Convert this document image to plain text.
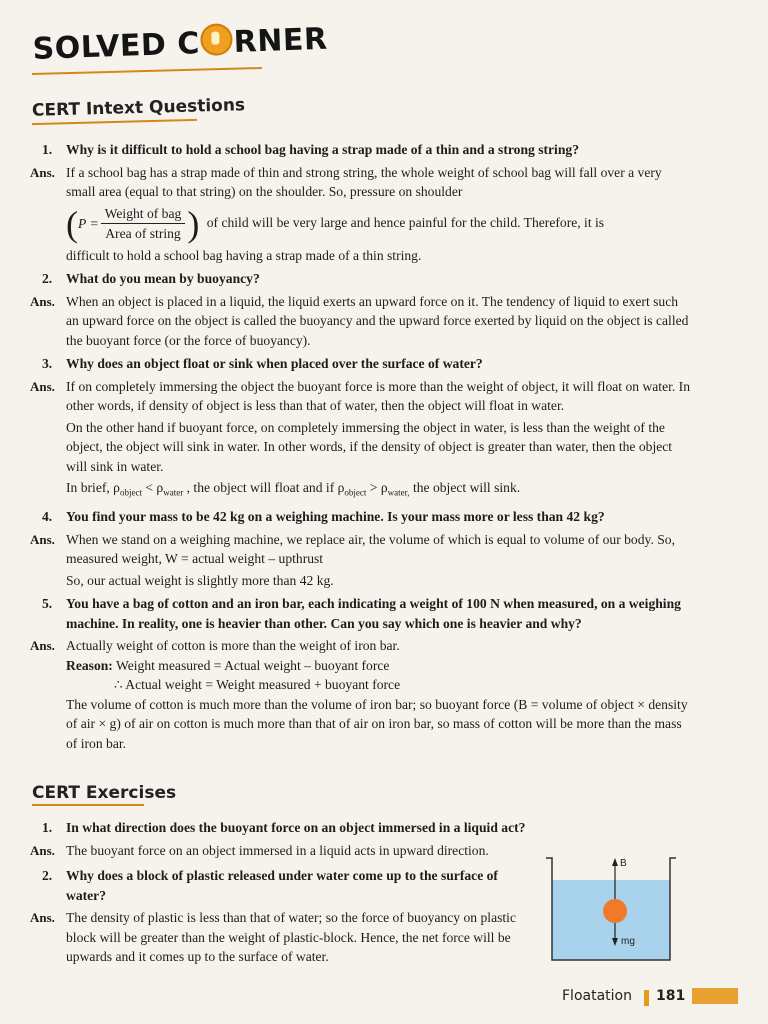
SOLVED C RNER
CERT Intext Questions
1. Why is it difficult to hold a school bag having a strap made of a thin and a strong string?
Ans. If a school bag has a strap made of thin and strong string, the whole weight of school bag will fall over a very small area (equal to that string) on the shoulder. So, pressure on shoulder
( $P = \frac{\text{Weight of bag}}{\text{Area of string}}$ ) of child will be very large and hence painful for the child. Therefore, it is
difficult to hold a school bag having a strap made of a thin string.
2. What do you mean by buoyancy?
Ans. When an object is placed in a liquid, the liquid exerts an upward force on it. The tendency of liquid to exert such an upward force on the object is called the buoyancy and the upward force exerted by liquid on the object is called the buoyant force (or the force of buoyancy).
3. Why does an object float or sink when placed over the surface of water?
Ans. If on completely immersing the object the buoyant force is more than the weight of object, it will float on water. In other words, if density of object is less than that of water, then the object will float in water.
On the other hand if buoyant force, on completely immersing the object in water, is less than the weight of the object, the object will sink in water. In other words, if the density of object is greater than water, then the object will sink in water.
In brief, $\rho_{object} < \rho_{water}$ , the object will float and if $\rho_{object} > \rho_{water,}$ the object will sink.
4. You find your mass to be 42 kg on a weighing machine. Is your mass more or less than 42 kg?
Ans. When we stand on a weighing machine, we replace air, the volume of which is equal to volume of our body. So, measured weight, W = actual weight – upthrust
So, our actual weight is slightly more than 42 kg.
5. You have a bag of cotton and an iron bar, each indicating a weight of 100 N when measured, on a weighing machine. In reality, one is heavier than other. Can you say which one is heavier and why?
Ans. Actually weight of cotton is more than the weight of iron bar.
Reason: Weight measured = Actual weight – buoyant force
∴ Actual weight = Weight measured + buoyant force
The volume of cotton is much more than the volume of iron bar; so buoyant force (B = volume of object × density of air × g) of air on cotton is much more than that of air on iron bar, so mass of cotton will be more than the mass of iron bar.
CERT Exercises
1. In what direction does the buoyant force on an object immersed in a liquid act?
Ans. The buoyant force on an object immersed in a liquid acts in upward direction.
2. Why does a block of plastic released under water come up to the surface of water?
Ans. The density of plastic is less than that of water; so the force of buoyancy on plastic block will be greater than the weight of plastic-block. Hence, the net force will be upwards and it comes up to the surface of water.
B
mg
Floatation 181
